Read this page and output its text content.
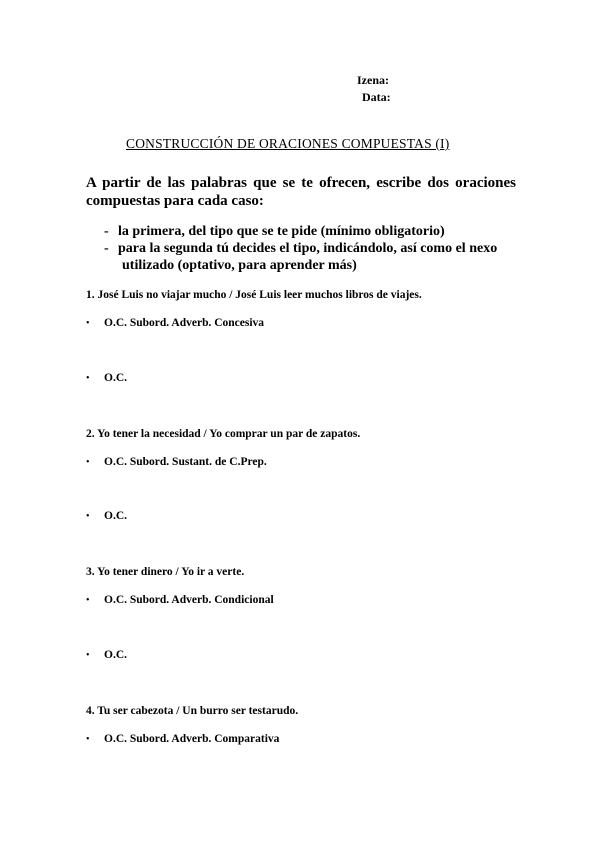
Izena:
Data:
CONSTRUCCIÓN DE ORACIONES COMPUESTAS (I)
A partir de las palabras que se te ofrecen, escribe dos oraciones
compuestas para cada caso:
- la primera, del tipo que se te pide (mínimo obligatorio)
- para la segunda tú decides el tipo, indicándolo, así como el nexo
utilizado (optativo, para aprender más)
1. José Luis no viajar mucho / José Luis leer muchos libros de viajes.
• O.C. Subord. Adverb. Concesiva
• O.C.
2. Yo tener la necesidad / Yo comprar un par de zapatos.
• O.C. Subord. Sustant. de C.Prep.
• O.C.
3. Yo tener dinero / Yo ir a verte.
• O.C. Subord. Adverb. Condicional
• O.C.
4. Tu ser cabezota / Un burro ser testarudo.
• O.C. Subord. Adverb. Comparativa
